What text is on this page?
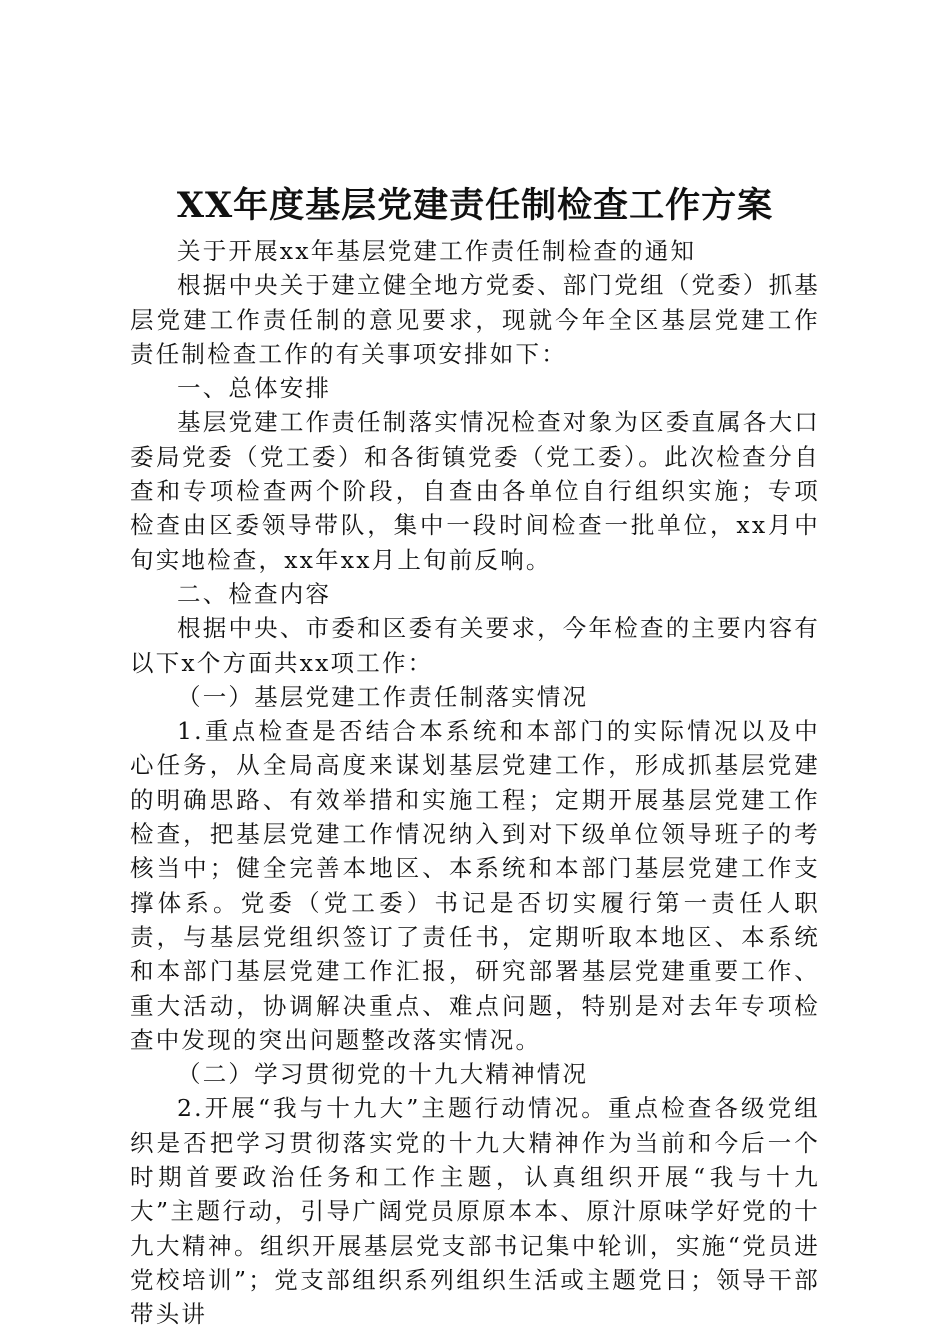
XX年度基层党建责任制检查工作方案

关于开展xx年基层党建工作责任制检查的通知

根据中央关于建立健全地方党委、部门党组（党委）抓基层党建工作责任制的意见要求，现就今年全区基层党建工作责任制检查工作的有关事项安排如下：

一、总体安排

基层党建工作责任制落实情况检查对象为区委直属各大口委局党委（党工委）和各街镇党委（党工委）。此次检查分自查和专项检查两个阶段，自查由各单位自行组织实施；专项检查由区委领导带队，集中一段时间检查一批单位，xx月中旬实地检查，xx年xx月上旬前反响。

二、检查内容

根据中央、市委和区委有关要求，今年检查的主要内容有以下x个方面共xx项工作：

（一）基层党建工作责任制落实情况

1.重点检查是否结合本系统和本部门的实际情况以及中心任务，从全局高度来谋划基层党建工作，形成抓基层党建的明确思路、有效举措和实施工程；定期开展基层党建工作检查，把基层党建工作情况纳入到对下级单位领导班子的考核当中；健全完善本地区、本系统和本部门基层党建工作支撑体系。党委（党工委）书记是否切实履行第一责任人职责，与基层党组织签订了责任书，定期听取本地区、本系统和本部门基层党建工作汇报，研究部署基层党建重要工作、重大活动，协调解决重点、难点问题，特别是对去年专项检查中发现的突出问题整改落实情况。

（二）学习贯彻党的十九大精神情况

2.开展“我与十九大”主题行动情况。重点检查各级党组织是否把学习贯彻落实党的十九大精神作为当前和今后一个时期首要政治任务和工作主题，认真组织开展“我与十九大”主题行动，引导广阔党员原原本本、原汁原味学好党的十九大精神。组织开展基层党支部书记集中轮训，实施“党员进党校培训”；党支部组织系列组织生活或主题党日；领导干部带头讲
